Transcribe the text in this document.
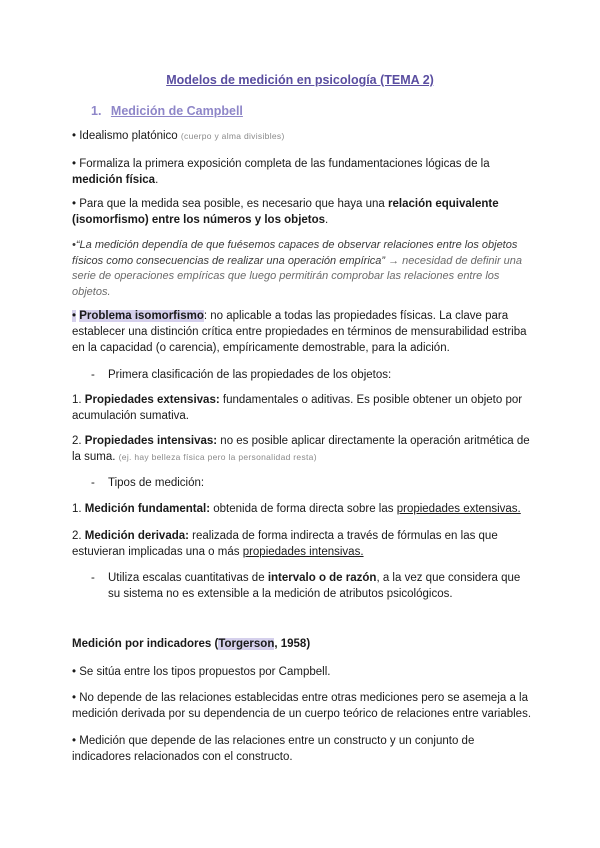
Modelos de medición en psicología (TEMA 2)
1. Medición de Campbell
• Idealismo platónico (cuerpo y alma divisibles)
• Formaliza la primera exposición completa de las fundamentaciones lógicas de la medición física.
• Para que la medida sea posible, es necesario que haya una relación equivalente (isomorfismo) entre los números y los objetos.
•“La medición dependía de que fuésemos capaces de observar relaciones entre los objetos físicos como consecuencias de realizar una operación empírica” → necesidad de definir una serie de operaciones empíricas que luego permitirán comprobar las relaciones entre los objetos.
• Problema isomorfismo: no aplicable a todas las propiedades físicas. La clave para establecer una distinción crítica entre propiedades en términos de mensurabilidad estriba en la capacidad (o carencia), empíricamente demostrable, para la adición.
- Primera clasificación de las propiedades de los objetos:
1. Propiedades extensivas: fundamentales o aditivas. Es posible obtener un objeto por acumulación sumativa.
2. Propiedades intensivas: no es posible aplicar directamente la operación aritmética de la suma. (ej. hay belleza física pero la personalidad resta)
- Tipos de medición:
1. Medición fundamental: obtenida de forma directa sobre las propiedades extensivas.
2. Medición derivada: realizada de forma indirecta a través de fórmulas en las que estuvieran implicadas una o más propiedades intensivas.
- Utiliza escalas cuantitativas de intervalo o de razón, a la vez que considera que su sistema no es extensible a la medición de atributos psicológicos.
Medición por indicadores (Torgerson, 1958)
• Se sitúa entre los tipos propuestos por Campbell.
• No depende de las relaciones establecidas entre otras mediciones pero se asemeja a la medición derivada por su dependencia de un cuerpo teórico de relaciones entre variables.
• Medición que depende de las relaciones entre un constructo y un conjunto de indicadores relacionados con el constructo.
